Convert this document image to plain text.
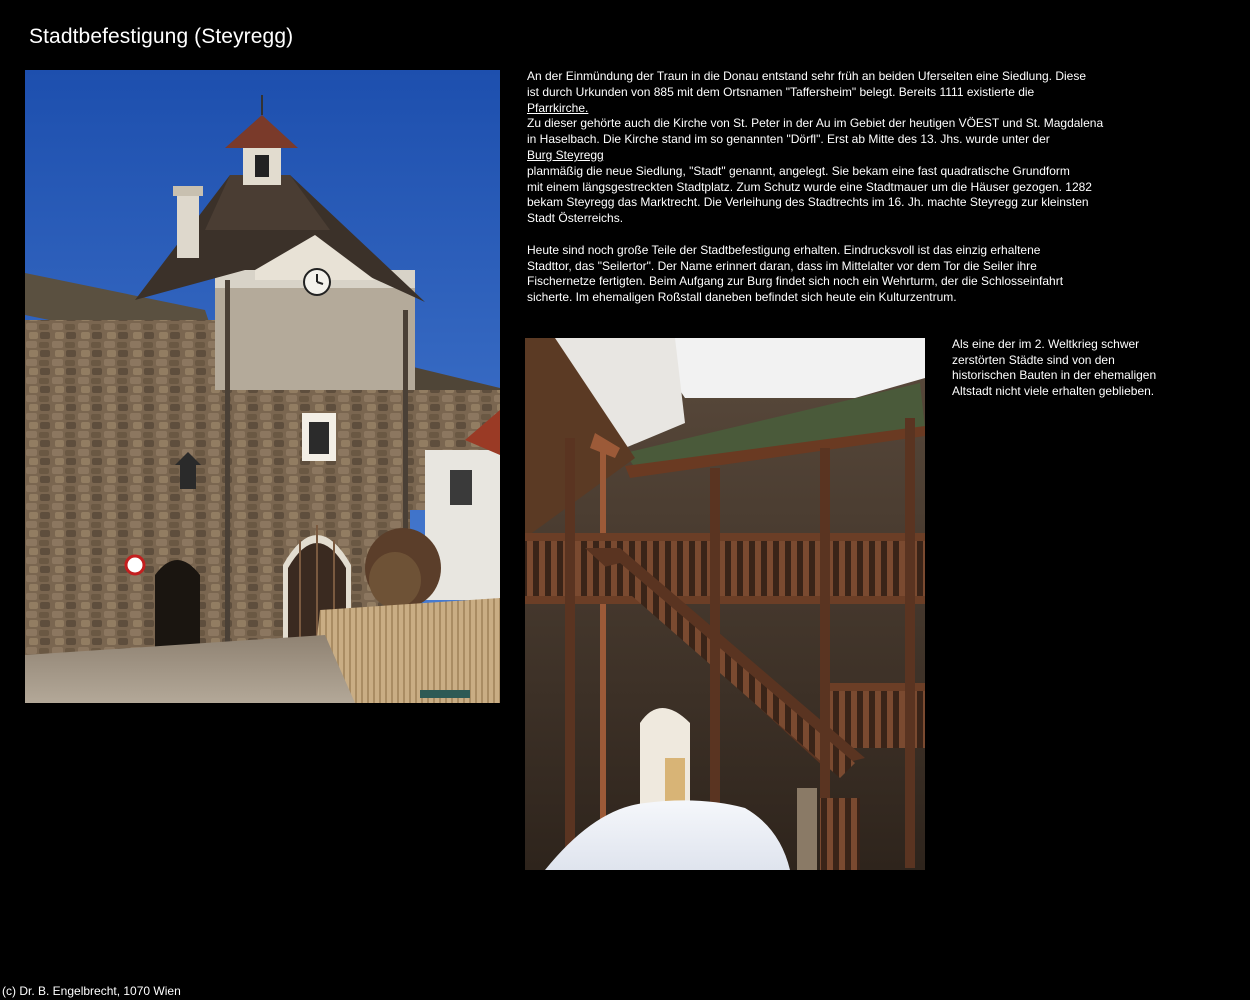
Stadtbefestigung (Steyregg)

An der Einmündung der Traun in die Donau entstand sehr früh an beiden Uferseiten eine Siedlung. Diese

ist durch Urkunden von 885 mit dem Ortsnamen "Taffersheim" belegt. Bereits 1111 existierte die

Pfarrkirche.

Zu dieser gehörte auch die Kirche von St. Peter in der Au im Gebiet der heutigen VÖEST und St. Magdalena

in Haselbach. Die Kirche stand im so genannten "Dörfl". Erst ab Mitte des 13. Jhs. wurde unter der

Burg Steyregg

planmäßig die neue Siedlung, "Stadt" genannt, angelegt. Sie bekam eine fast quadratische Grundform

mit einem längsgestreckten Stadtplatz. Zum Schutz wurde eine Stadtmauer um die Häuser gezogen. 1282

bekam Steyregg das Marktrecht. Die Verleihung des Stadtrechts im 16. Jh. machte Steyregg zur kleinsten

Stadt Österreichs.

Heute sind noch große Teile der Stadtbefestigung erhalten. Eindrucksvoll ist das einzig erhaltene

Stadttor, das "Seilertor". Der Name erinnert daran, dass im Mittelalter vor dem Tor die Seiler ihre

Fischernetze fertigten. Beim Aufgang zur Burg findet sich noch ein Wehrturm, der die Schlosseinfahrt

sicherte. Im ehemaligen Roßstall daneben befindet sich heute ein Kulturzentrum.

Als eine der im 2. Weltkrieg schwer

zerstörten Städte sind von den

historischen Bauten in der ehemaligen

Altstadt nicht viele erhalten geblieben.

(c) Dr. B. Engelbrecht, 1070 Wien
